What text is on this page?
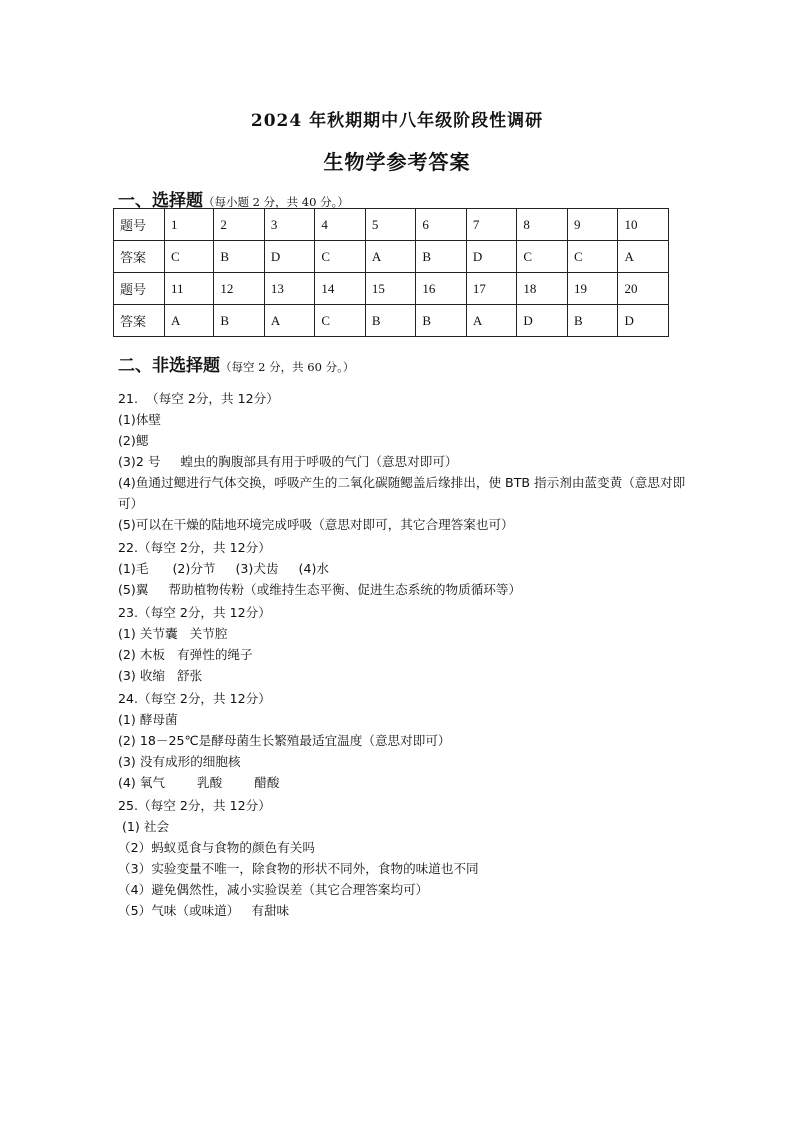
2024 年秋期期中八年级阶段性调研
生物学参考答案
一、选择题（每小题 2 分，共 40 分。）
题号	1	2	3	4	5	6	7	8	9	10
答案	C	B	D	C	A	B	D	C	C	A
题号	11	12	13	14	15	16	17	18	19	20
答案	A	B	A	C	B	B	A	D	B	D
二、非选择题（每空 2 分，共 60 分。）
21.  （每空 2分，共 12分）
(1)体壁
(2)鳃
(3)2 号     蝗虫的胸腹部具有用于呼吸的气门（意思对即可）
(4)鱼通过鳃进行气体交换，呼吸产生的二氧化碳随鳃盖后缘排出，使 BTB 指示剂由蓝变黄（意思对即可）
(5)可以在干燥的陆地环境完成呼吸（意思对即可，其它合理答案也可）
22.（每空 2分，共 12分）
(1)毛      (2)分节     (3)犬齿     (4)水
(5)翼     帮助植物传粉（或维持生态平衡、促进生态系统的物质循环等）
23.（每空 2分，共 12分）
(1) 关节囊   关节腔
(2) 木板   有弹性的绳子
(3) 收缩   舒张
24.（每空 2分，共 12分）
(1) 酵母菌
(2) 18－25℃是酵母菌生长繁殖最适宜温度（意思对即可）
(3) 没有成形的细胞核
(4) 氧气        乳酸        醋酸
25.（每空 2分，共 12分）
(1) 社会
（2）蚂蚁觅食与食物的颜色有关吗
（3）实验变量不唯一，除食物的形状不同外，食物的味道也不同
（4）避免偶然性，减小实验误差（其它合理答案均可）
（5）气味（或味道）   有甜味
